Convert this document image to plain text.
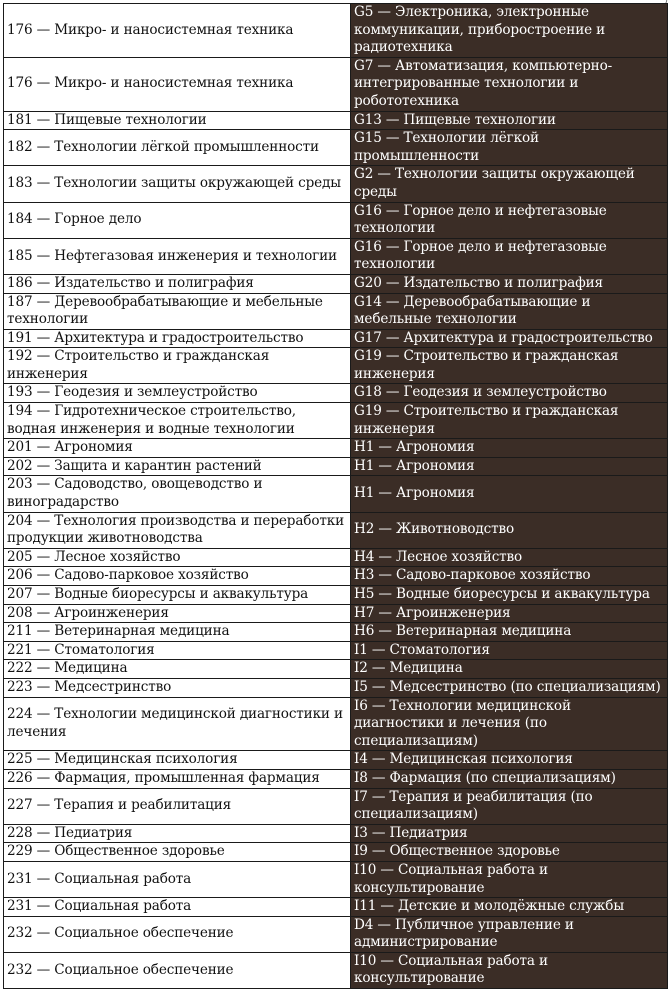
176 — Микро- и наносистемная техника	G5 — Электроника, электронные коммуникации, приборостроение и радиотехника
176 — Микро- и наносистемная техника	G7 — Автоматизация, компьютерно-интегрированные технологии и робототехника
181 — Пищевые технологии	G13 — Пищевые технологии
182 — Технологии лёгкой промышленности	G15 — Технологии лёгкой промышленности
183 — Технологии защиты окружающей среды	G2 — Технологии защиты окружающей среды
184 — Горное дело	G16 — Горное дело и нефтегазовые технологии
185 — Нефтегазовая инженерия и технологии	G16 — Горное дело и нефтегазовые технологии
186 — Издательство и полиграфия	G20 — Издательство и полиграфия
187 — Деревообрабатывающие и мебельные технологии	G14 — Деревообрабатывающие и мебельные технологии
191 — Архитектура и градостроительство	G17 — Архитектура и градостроительство
192 — Строительство и гражданская инженерия	G19 — Строительство и гражданская инженерия
193 — Геодезия и землеустройство	G18 — Геодезия и землеустройство
194 — Гидротехническое строительство, водная инженерия и водные технологии	G19 — Строительство и гражданская инженерия
201 — Агрономия	H1 — Агрономия
202 — Защита и карантин растений	H1 — Агрономия
203 — Садоводство, овощеводство и виноградарство	H1 — Агрономия
204 — Технология производства и переработки продукции животноводства	H2 — Животноводство
205 — Лесное хозяйство	H4 — Лесное хозяйство
206 — Садово-парковое хозяйство	H3 — Садово-парковое хозяйство
207 — Водные биоресурсы и аквакультура	H5 — Водные биоресурсы и аквакультура
208 — Агроинженерия	H7 — Агроинженерия
211 — Ветеринарная медицина	H6 — Ветеринарная медицина
221 — Стоматология	I1 — Стоматология
222 — Медицина	I2 — Медицина
223 — Медсестринство	I5 — Медсестринство (по специализациям)
224 — Технологии медицинской диагностики и лечения	I6 — Технологии медицинской диагностики и лечения (по специализациям)
225 — Медицинская психология	I4 — Медицинская психология
226 — Фармация, промышленная фармация	I8 — Фармация (по специализациям)
227 — Терапия и реабилитация	I7 — Терапия и реабилитация (по специализациям)
228 — Педиатрия	I3 — Педиатрия
229 — Общественное здоровье	I9 — Общественное здоровье
231 — Социальная работа	I10 — Социальная работа и консультирование
231 — Социальная работа	I11 — Детские и молодёжные службы
232 — Социальное обеспечение	D4 — Публичное управление и администрирование
232 — Социальное обеспечение	I10 — Социальная работа и консультирование
